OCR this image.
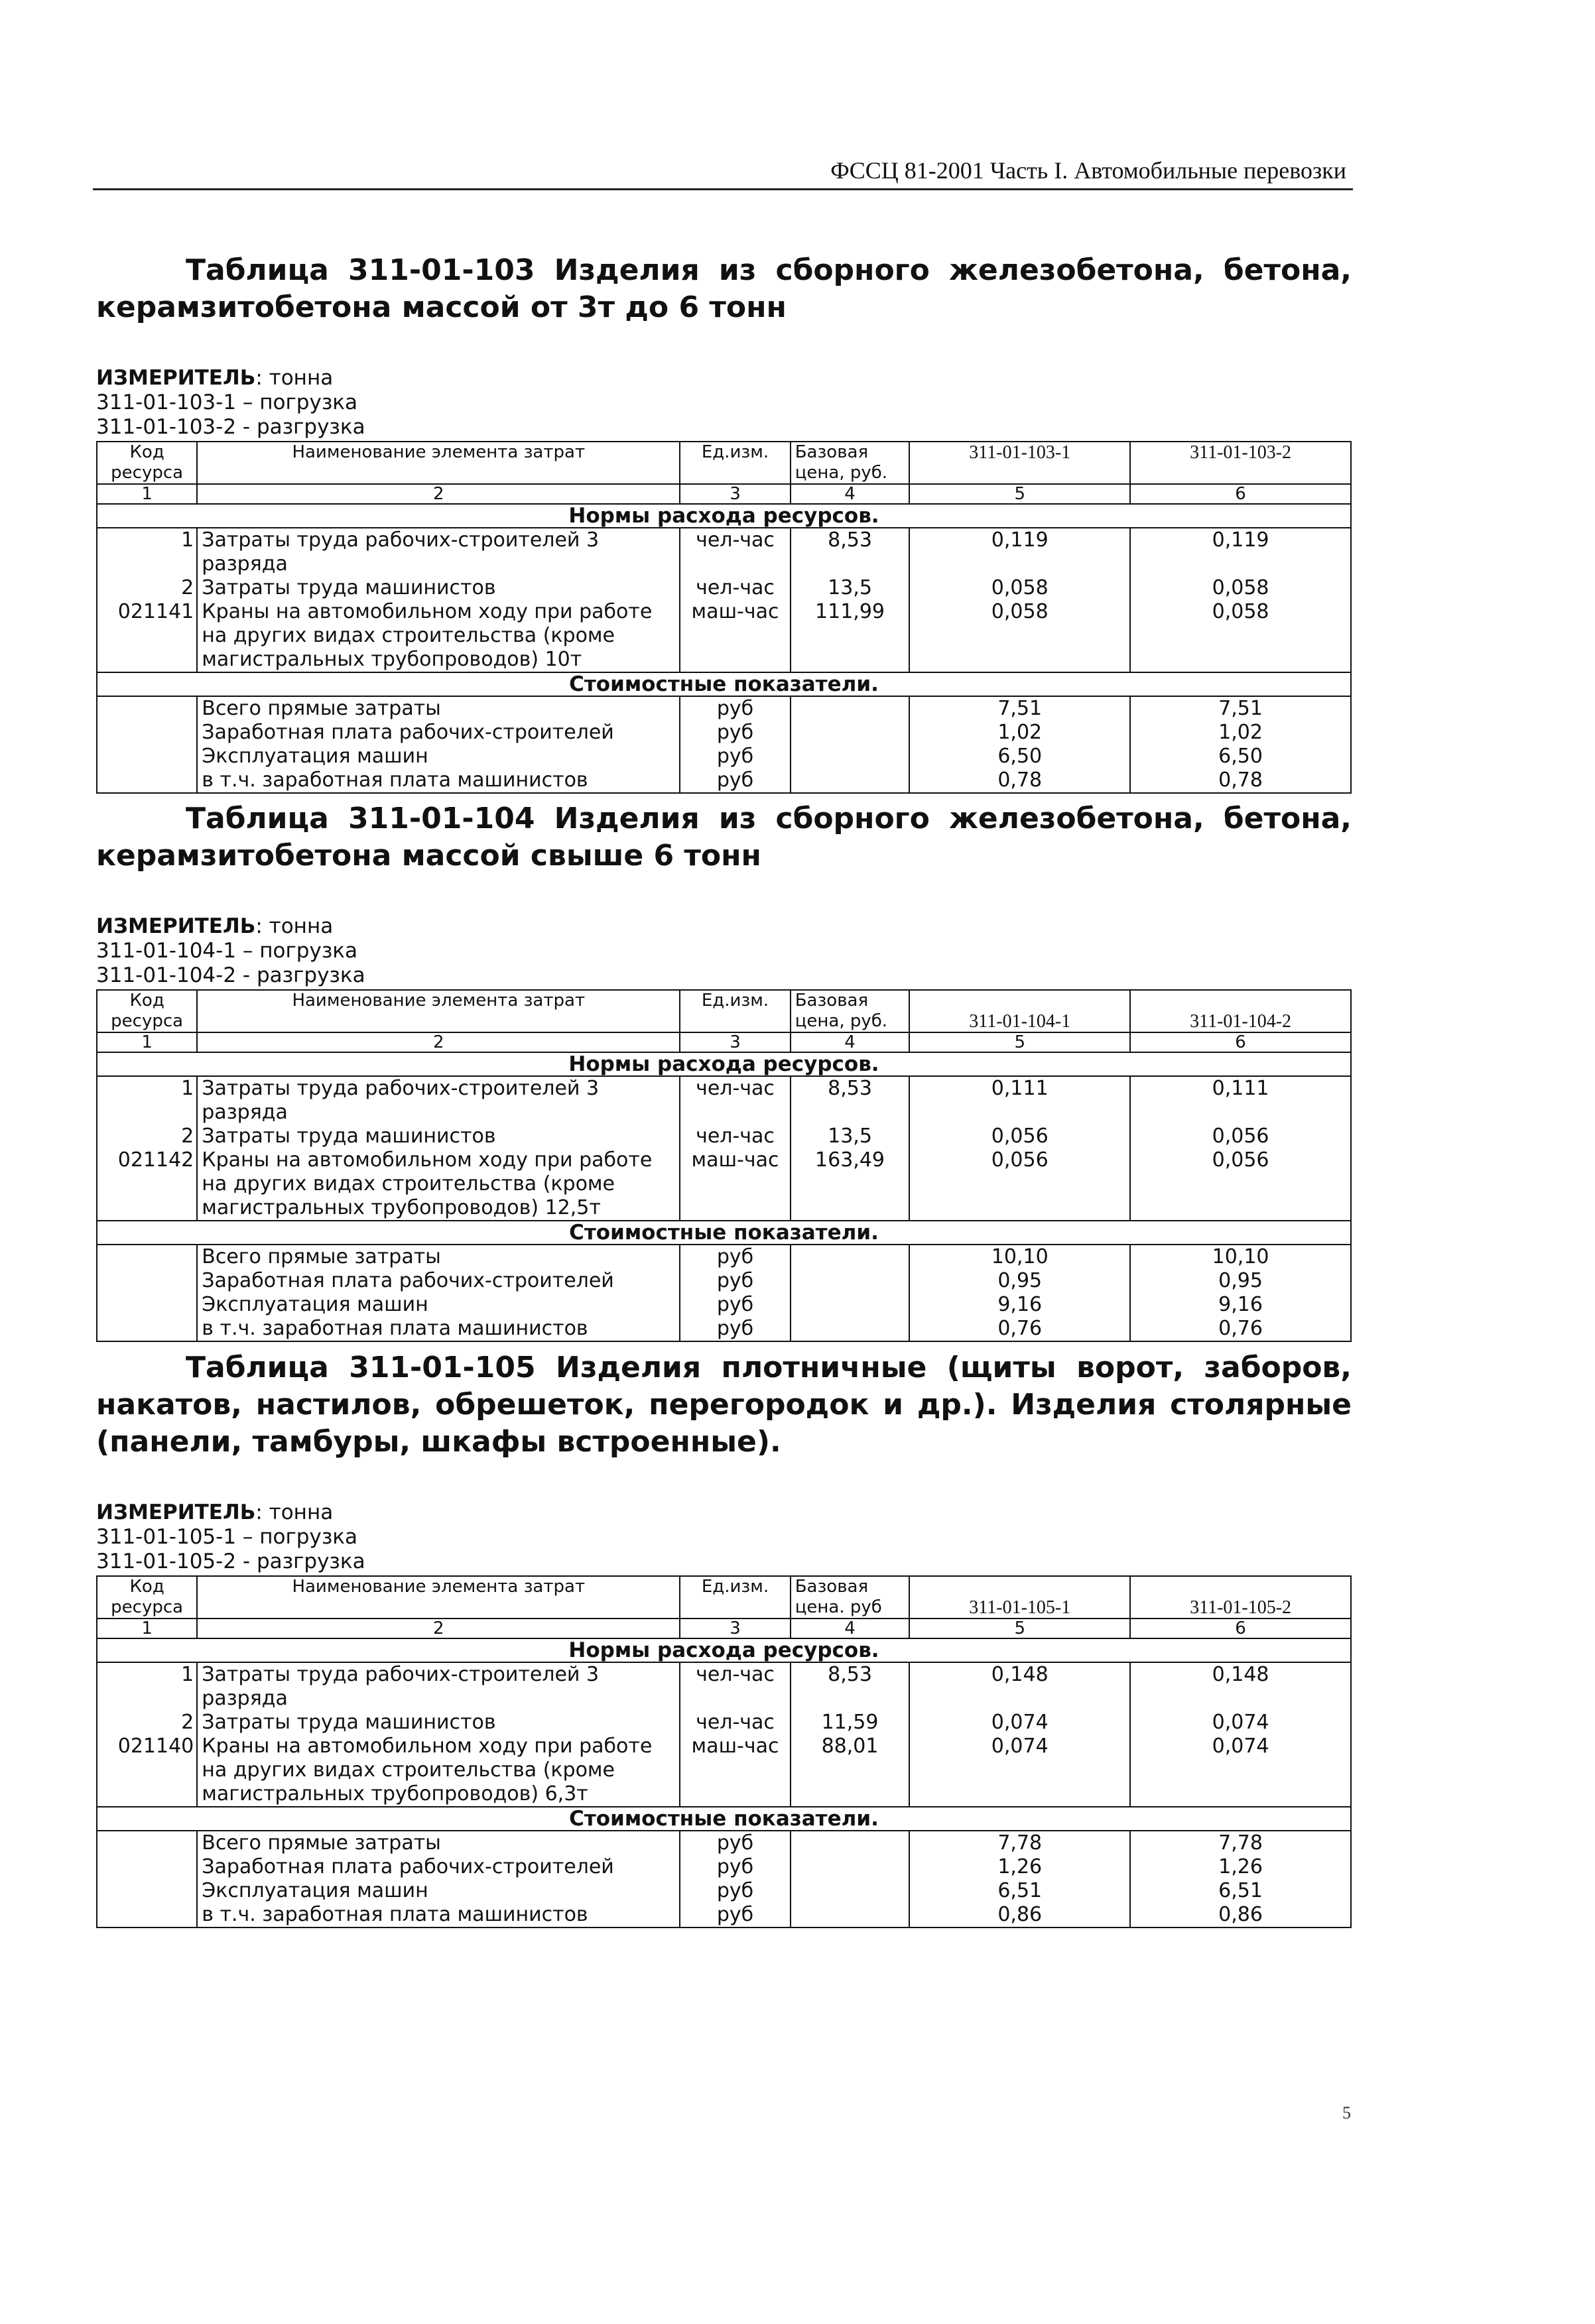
ФССЦ 81-2001 Часть I. Автомобильные перевозки

Таблица 311-01-103 Изделия из сборного железобетона, бетона, керамзитобетона массой от 3т до 6 тонн

ИЗМЕРИТЕЛЬ: тонна
311-01-103-1 – погрузка
311-01-103-2 - разгрузка
Код ресурса	Наименование элемента затрат	Ед.изм.	Базовая цена, руб.	311-01-103-1	311-01-103-2
1	2	3	4	5	6
Нормы расхода ресурсов.					
1	Затраты труда рабочих-строителей 3 разряда	чел-час	8,53	0,119	0,119
2	Затраты труда машинистов	чел-час	13,5	0,058	0,058
021141	Краны на автомобильном ходу при работе на других видах строительства (кроме магистральных трубопроводов) 10т	маш-час	111,99	0,058	0,058
Стоимостные показатели.					
	Всего прямые затраты	руб		7,51	7,51
	Заработная плата рабочих-строителей	руб		1,02	1,02
	Эксплуатация машин	руб		6,50	6,50
	в т.ч. заработная плата машинистов	руб		0,78	0,78

Таблица 311-01-104 Изделия из сборного железобетона, бетона, керамзитобетона массой свыше 6 тонн

ИЗМЕРИТЕЛЬ: тонна
311-01-104-1 – погрузка
311-01-104-2 - разгрузка
Код ресурса	Наименование элемента затрат	Ед.изм.	Базовая цена, руб.	311-01-104-1	311-01-104-2
1	2	3	4	5	6
Нормы расхода ресурсов.					
1	Затраты труда рабочих-строителей 3 разряда	чел-час	8,53	0,111	0,111
2	Затраты труда машинистов	чел-час	13,5	0,056	0,056
021142	Краны на автомобильном ходу при работе на других видах строительства (кроме магистральных трубопроводов) 12,5т	маш-час	163,49	0,056	0,056
Стоимостные показатели.					
	Всего прямые затраты	руб		10,10	10,10
	Заработная плата рабочих-строителей	руб		0,95	0,95
	Эксплуатация машин	руб		9,16	9,16
	в т.ч. заработная плата машинистов	руб		0,76	0,76

Таблица 311-01-105 Изделия плотничные (щиты ворот, заборов, накатов, настилов, обрешеток, перегородок и др.). Изделия столярные (панели, тамбуры, шкафы встроенные).

ИЗМЕРИТЕЛЬ: тонна
311-01-105-1 – погрузка
311-01-105-2 - разгрузка
Код ресурса	Наименование элемента затрат	Ед.изм.	Базовая цена. руб	311-01-105-1	311-01-105-2
1	2	3	4	5	6
Нормы расхода ресурсов.					
1	Затраты труда рабочих-строителей 3 разряда	чел-час	8,53	0,148	0,148
2	Затраты труда машинистов	чел-час	11,59	0,074	0,074
021140	Краны на автомобильном ходу при работе на других видах строительства (кроме магистральных трубопроводов) 6,3т	маш-час	88,01	0,074	0,074
Стоимостные показатели.					
	Всего прямые затраты	руб		7,78	7,78
	Заработная плата рабочих-строителей	руб		1,26	1,26
	Эксплуатация машин	руб		6,51	6,51
	в т.ч. заработная плата машинистов	руб		0,86	0,86
5
